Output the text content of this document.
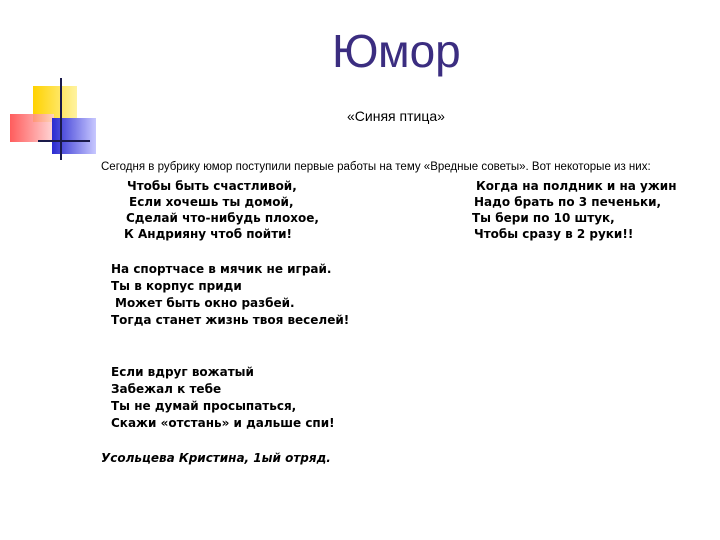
Юмор
«Синяя птица»
Сегодня в рубрику юмор поступили первые работы на тему «Вредные советы». Вот некоторые из них:
Чтобы быть счастливой,
Если хочешь ты домой,
Сделай что-нибудь плохое,
К Андрияну чтоб пойти!
Когда на полдник и на ужин
Надо брать по 3 печеньки,
Ты бери по 10 штук,
Чтобы сразу в 2 руки!!
На спортчасе в мячик не играй.
Ты в корпус приди
Может быть окно разбей.
Тогда станет жизнь твоя веселей!
Если вдруг вожатый
Забежал к тебе
Ты не думай просыпаться,
Скажи «отстань» и дальше спи!
Усольцева Кристина, 1ый отряд.
